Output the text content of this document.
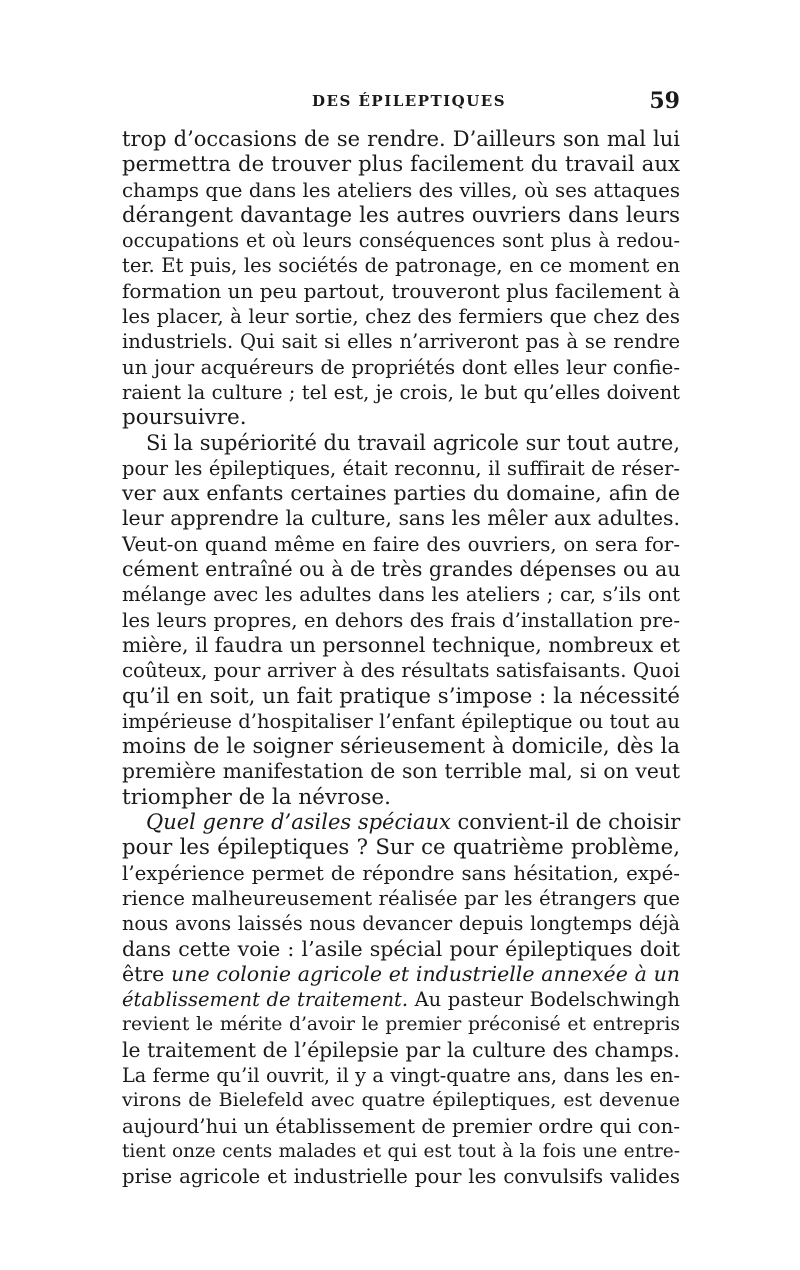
DES ÉPILEPTIQUES	59
trop d’occasions de se rendre. D’ailleurs son mal lui
permettra de trouver plus facilement du travail aux
champs que dans les ateliers des villes, où ses attaques
dérangent davantage les autres ouvriers dans leurs
occupations et où leurs conséquences sont plus à redou-
ter. Et puis, les sociétés de patronage, en ce moment en
formation un peu partout, trouveront plus facilement à
les placer, à leur sortie, chez des fermiers que chez des
industriels. Qui sait si elles n’arriveront pas à se rendre
un jour acquéreurs de propriétés dont elles leur confie-
raient la culture ; tel est, je crois, le but qu’elles doivent
poursuivre.
Si la supériorité du travail agricole sur tout autre,
pour les épileptiques, était reconnu, il suffirait de réser-
ver aux enfants certaines parties du domaine, afin de
leur apprendre la culture, sans les mêler aux adultes.
Veut-on quand même en faire des ouvriers, on sera for-
cément entraîné ou à de très grandes dépenses ou au
mélange avec les adultes dans les ateliers ; car, s’ils ont
les leurs propres, en dehors des frais d’installation pre-
mière, il faudra un personnel technique, nombreux et
coûteux, pour arriver à des résultats satisfaisants. Quoi
qu’il en soit, un fait pratique s’impose : la nécessité
impérieuse d’hospitaliser l’enfant épileptique ou tout au
moins de le soigner sérieusement à domicile, dès la
première manifestation de son terrible mal, si on veut
triompher de la névrose.
Quel genre d’asiles spéciaux convient-il de choisir
pour les épileptiques ? Sur ce quatrième problème,
l’expérience permet de répondre sans hésitation, expé-
rience malheureusement réalisée par les étrangers que
nous avons laissés nous devancer depuis longtemps déjà
dans cette voie : l’asile spécial pour épileptiques doit
être une colonie agricole et industrielle annexée à un
établissement de traitement. Au pasteur Bodelschwingh
revient le mérite d’avoir le premier préconisé et entrepris
le traitement de l’épilepsie par la culture des champs.
La ferme qu’il ouvrit, il y a vingt-quatre ans, dans les en-
virons de Bielefeld avec quatre épileptiques, est devenue
aujourd’hui un établissement de premier ordre qui con-
tient onze cents malades et qui est tout à la fois une entre-
prise agricole et industrielle pour les convulsifs valides
